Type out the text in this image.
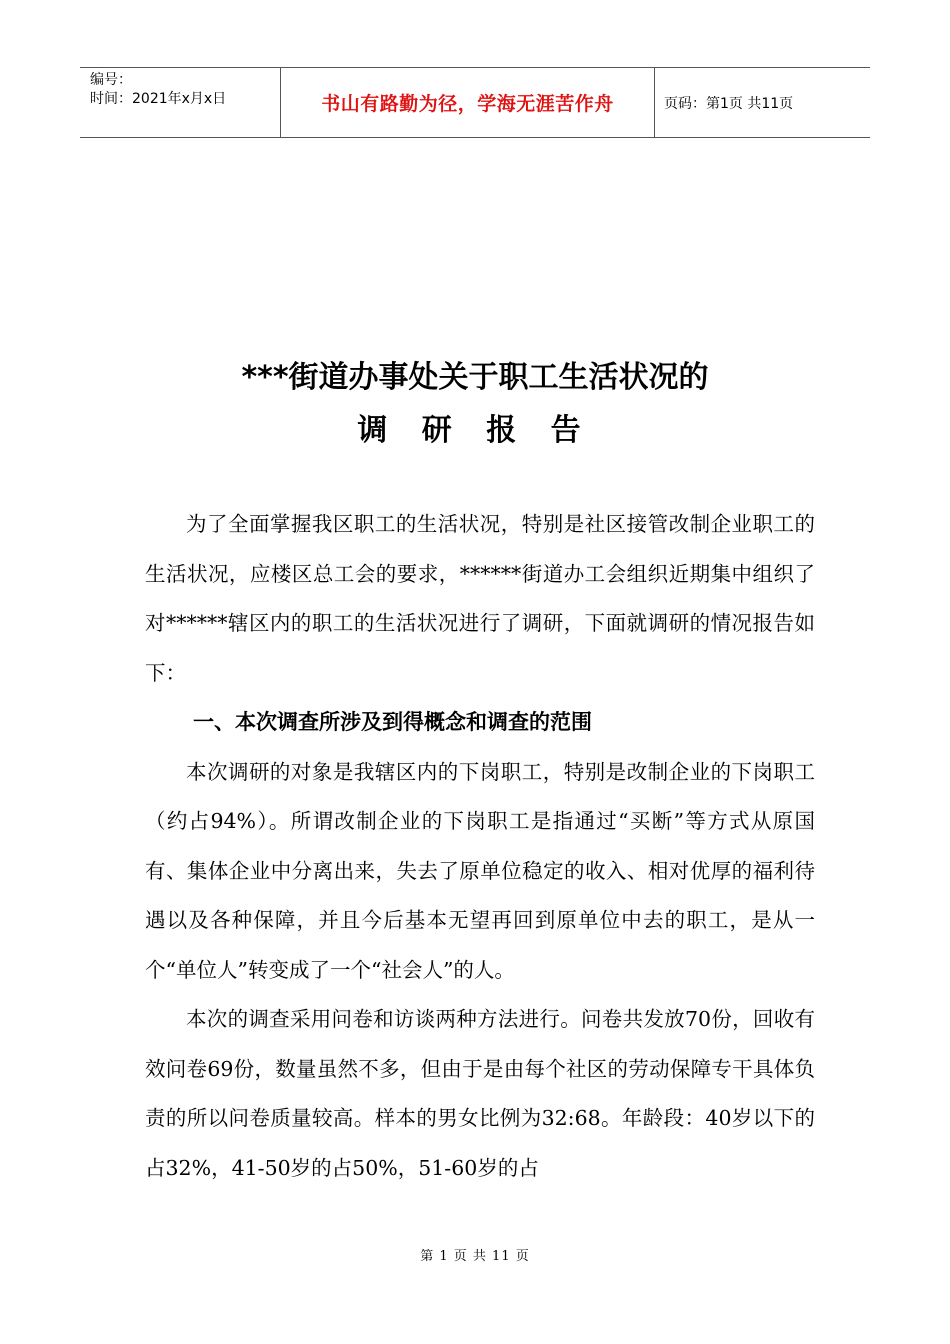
编号：
时间：2021年x月x日	书山有路勤为径，学海无涯苦作舟	页码：第1页 共11页
***街道办事处关于职工生活状况的
调 研 报 告

为了全面掌握我区职工的生活状况，特别是社区接管改制企业职工的生活状况，应楼区总工会的要求，******街道办工会组织近期集中组织了对******辖区内的职工的生活状况进行了调研，下面就调研的情况报告如下：

一、本次调查所涉及到得概念和调查的范围

本次调研的对象是我辖区内的下岗职工，特别是改制企业的下岗职工（约占94%）。所谓改制企业的下岗职工是指通过“买断”等方式从原国有、集体企业中分离出来，失去了原单位稳定的收入、相对优厚的福利待遇以及各种保障，并且今后基本无望再回到原单位中去的职工，是从一个“单位人”转变成了一个“社会人”的人。

本次的调查采用问卷和访谈两种方法进行。问卷共发放70份，回收有效问卷69份，数量虽然不多，但由于是由每个社区的劳动保障专干具体负责的所以问卷质量较高。样本的男女比例为32:68。年龄段：40岁以下的占32%，41-50岁的占50%，51-60岁的占

第 1 页 共 11 页
